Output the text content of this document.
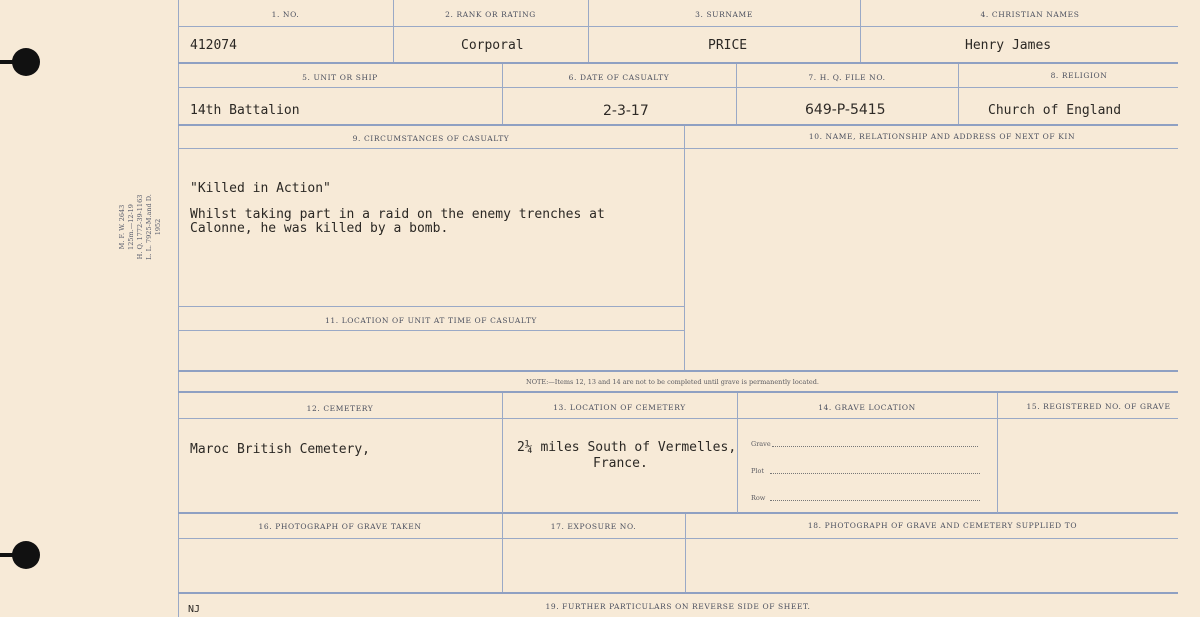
M. F. W. 2643 125m.—12-19 H. Q. 1772-39-1163 L. L. 7925-M.and D. 1952
1. NO.	2. RANK OR RATING	3. SURNAME	4. CHRISTIAN NAMES
412074	Corporal	PRICE	Henry James
5. UNIT OR SHIP	6. DATE OF CASUALTY	7. H. Q. FILE NO.	8. RELIGION
14th Battalion	2-3-17	649-P-5415	Church of England
9. CIRCUMSTANCES OF CASUALTY	10. NAME, RELATIONSHIP AND ADDRESS OF NEXT OF KIN
"Killed in Action"
Whilst taking part in a raid on the enemy trenches at
Calonne, he was killed by a bomb.
11. LOCATION OF UNIT AT TIME OF CASUALTY
NOTE:—Items 12, 13 and 14 are not to be completed until grave is permanently located.
12. CEMETERY	13. LOCATION OF CEMETERY	14. GRAVE LOCATION	15. REGISTERED NO. OF GRAVE
Maroc British Cemetery,	2¼ miles South of Vermelles,
France.
Grave
Plot
Row
16. PHOTOGRAPH OF GRAVE TAKEN	17. EXPOSURE NO.	18. PHOTOGRAPH OF GRAVE AND CEMETERY SUPPLIED TO
19. FURTHER PARTICULARS ON REVERSE SIDE OF SHEET.
NJ
